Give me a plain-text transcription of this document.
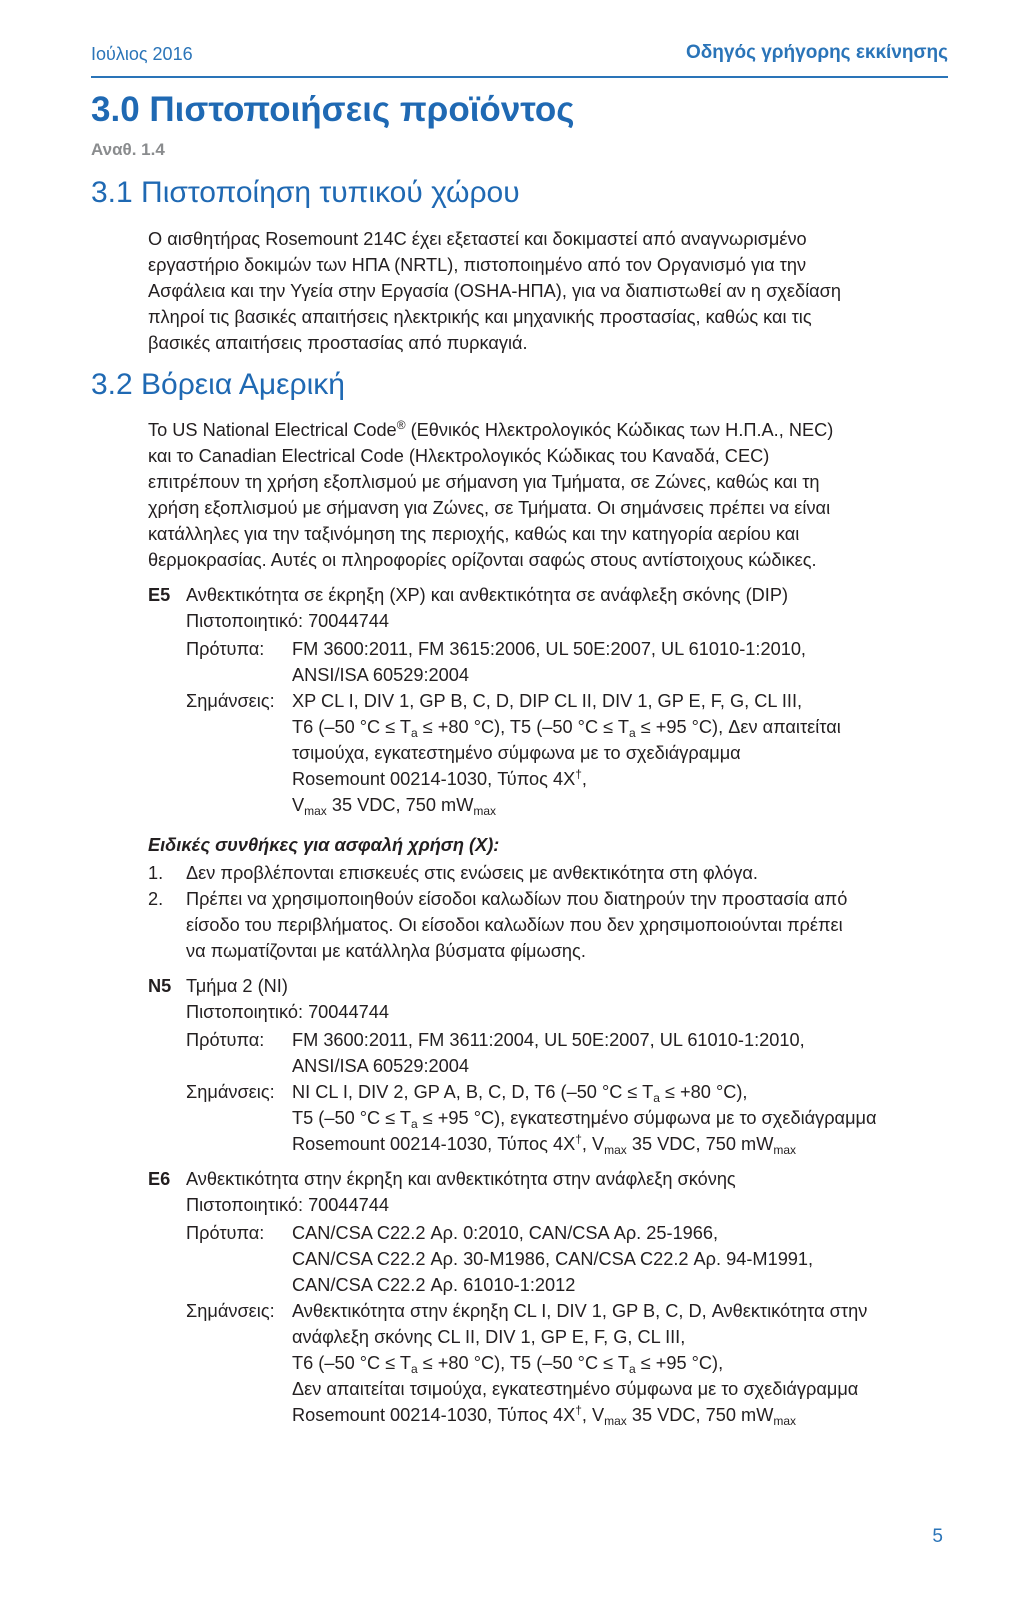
Ιούλιος 2016	Οδηγός γρήγορης εκκίνησης
3.0 Πιστοποιήσεις προϊόντος
Αναθ. 1.4
3.1 Πιστοποίηση τυπικού χώρου
Ο αισθητήρας Rosemount 214C έχει εξεταστεί και δοκιμαστεί από αναγνωρισμένο
εργαστήριο δοκιμών των ΗΠΑ (NRTL), πιστοποιημένο από τον Οργανισμό για την
Ασφάλεια και την Υγεία στην Εργασία (OSHA-ΗΠΑ), για να διαπιστωθεί αν η σχεδίαση
πληροί τις βασικές απαιτήσεις ηλεκτρικής και μηχανικής προστασίας, καθώς και τις
βασικές απαιτήσεις προστασίας από πυρκαγιά.
3.2 Βόρεια Αμερική
To US National Electrical Code® (Εθνικός Ηλεκτρολογικός Κώδικας των Η.Π.Α., NEC)
και το Canadian Electrical Code (Ηλεκτρολογικός Κώδικας του Καναδά, CEC)
επιτρέπουν τη χρήση εξοπλισμού με σήμανση για Τμήματα, σε Ζώνες, καθώς και τη
χρήση εξοπλισμού με σήμανση για Ζώνες, σε Τμήματα. Οι σημάνσεις πρέπει να είναι
κατάλληλες για την ταξινόμηση της περιοχής, καθώς και την κατηγορία αερίου και
θερμοκρασίας. Αυτές οι πληροφορίες ορίζονται σαφώς στους αντίστοιχους κώδικες.
E5 Ανθεκτικότητα σε έκρηξη (XP) και ανθεκτικότητα σε ανάφλεξη σκόνης (DIP)
Πιστοποιητικό: 70044744
Πρότυπα: FM 3600:2011, FM 3615:2006, UL 50E:2007, UL 61010-1:2010,
ANSI/ISA 60529:2004
Σημάνσεις: XP CL I, DIV 1, GP B, C, D, DIP CL II, DIV 1, GP E, F, G, CL III,
T6 (–50 $^\circ C \le T_a \le +80$ °C), T5 (–50 $^\circ C \le T_a \le +95$ °C), Δεν απαιτείται
τσιμούχα, εγκατεστημένο σύμφωνα με το σχεδιάγραμμα
Rosemount 00214-1030, Τύπος 4X†,
$V_{max}$ 35 VDC, 750 $mW_{max}$
Ειδικές συνθήκες για ασφαλή χρήση (X):
1. Δεν προβλέπονται επισκευές στις ενώσεις με ανθεκτικότητα στη φλόγα.
2. Πρέπει να χρησιμοποιηθούν είσοδοι καλωδίων που διατηρούν την προστασία από
είσοδο του περιβλήματος. Οι είσοδοι καλωδίων που δεν χρησιμοποιούνται πρέπει
να πωματίζονται με κατάλληλα βύσματα φίμωσης.
N5 Τμήμα 2 (NI)
Πιστοποιητικό: 70044744
Πρότυπα: FM 3600:2011, FM 3611:2004, UL 50E:2007, UL 61010-1:2010,
ANSI/ISA 60529:2004
Σημάνσεις: NI CL I, DIV 2, GP A, B, C, D, T6 (–50 $^\circ C \le T_a \le +80$ °C),
T5 (–50 $^\circ C \le T_a \le +95$ °C), εγκατεστημένο σύμφωνα με το σχεδιάγραμμα
Rosemount 00214-1030, Τύπος 4X†, $V_{max}$ 35 VDC, 750 $mW_{max}$
E6 Ανθεκτικότητα στην έκρηξη και ανθεκτικότητα στην ανάφλεξη σκόνης
Πιστοποιητικό: 70044744
Πρότυπα: CAN/CSA C22.2 Αρ. 0:2010, CAN/CSA Αρ. 25-1966,
CAN/CSA C22.2 Αρ. 30-M1986, CAN/CSA C22.2 Αρ. 94-M1991,
CAN/CSA C22.2 Αρ. 61010-1:2012
Σημάνσεις: Ανθεκτικότητα στην έκρηξη CL I, DIV 1, GP B, C, D, Ανθεκτικότητα στην
ανάφλεξη σκόνης CL II, DIV 1, GP E, F, G, CL III,
T6 (–50 $^\circ C \le T_a \le +80$ °C), T5 (–50 $^\circ C \le T_a \le +95$ °C),
Δεν απαιτείται τσιμούχα, εγκατεστημένο σύμφωνα με το σχεδιάγραμμα
Rosemount 00214-1030, Τύπος 4X†, $V_{max}$ 35 VDC, 750 $mW_{max}$
5
